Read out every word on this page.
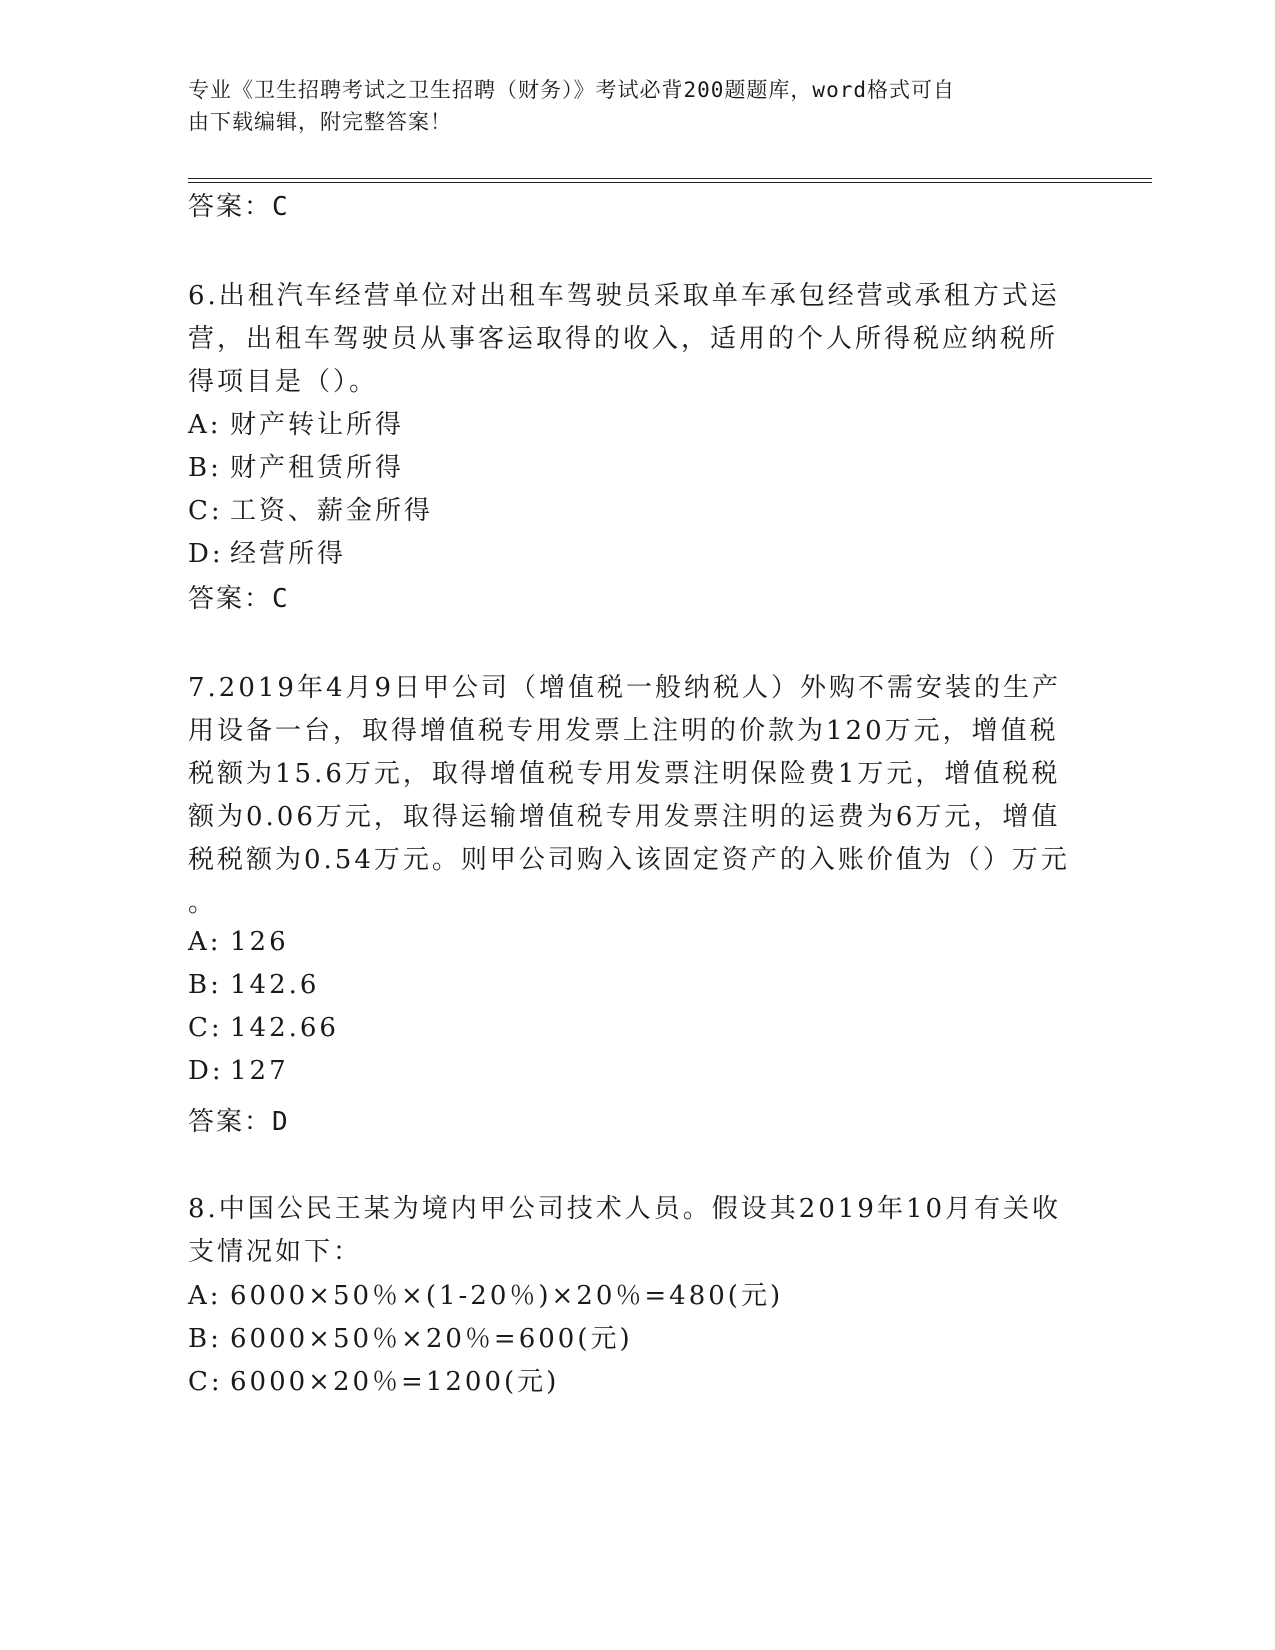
专业《卫生招聘考试之卫生招聘（财务）》考试必背200题题库，word格式可自
由下载编辑，附完整答案！
答案：C
6.出租汽车经营单位对出租车驾驶员采取单车承包经营或承租方式运
营，出租车驾驶员从事客运取得的收入，适用的个人所得税应纳税所
得项目是（）。
A: 财产转让所得
B: 财产租赁所得
C: 工资、薪金所得
D: 经营所得
答案：C
7.2019年4月9日甲公司（增值税一般纳税人）外购不需安装的生产
用设备一台，取得增值税专用发票上注明的价款为120万元，增值税
税额为15.6万元，取得增值税专用发票注明保险费1万元，增值税税
额为0.06万元，取得运输增值税专用发票注明的运费为6万元，增值
税税额为0.54万元。则甲公司购入该固定资产的入账价值为（）万元
。
A: 126
B: 142.6
C: 142.66
D: 127
答案：D
8.中国公民王某为境内甲公司技术人员。假设其2019年10月有关收
支情况如下：
A: 6000×50％×(1-20％)×20％=480(元)
B: 6000×50％×20％=600(元)
C: 6000×20％=1200(元)
